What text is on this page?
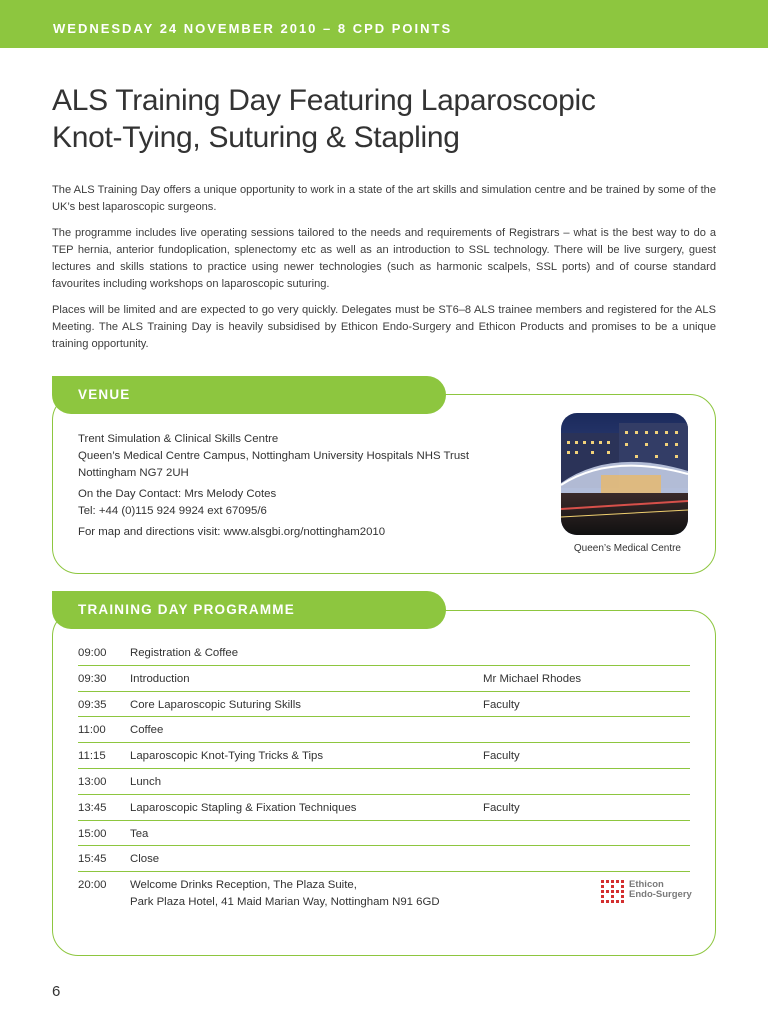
WEDNESDAY 24 NOVEMBER 2010 – 8 CPD POINTS
ALS Training Day Featuring Laparoscopic
Knot-Tying, Suturing & Stapling

The ALS Training Day offers a unique opportunity to work in a state of the art skills and simulation centre and be trained by some of the UK’s best laparoscopic surgeons.

The programme includes live operating sessions tailored to the needs and requirements of Registrars – what is the best way to do a TEP hernia, anterior fundoplication, splenectomy etc as well as an introduction to SSL technology. There will be live surgery, guest lectures and skills stations to practice using newer technologies (such as harmonic scalpels, SSL ports) and of course standard favourites including workshops on laparoscopic suturing.

Places will be limited and are expected to go very quickly. Delegates must be ST6–8 ALS trainee members and registered for the ALS Meeting. The ALS Training Day is heavily subsidised by Ethicon Endo-Surgery and Ethicon Products and promises to be a unique training opportunity.

VENUE
Trent Simulation & Clinical Skills Centre
Queen’s Medical Centre Campus, Nottingham University Hospitals NHS Trust
Nottingham NG7 2UH
On the Day Contact: Mrs Melody Cotes
Tel: +44 (0)115 924 9924 ext 67095/6
For map and directions visit: www.alsgbi.org/nottingham2010
Queen’s Medical Centre
TRAINING DAY PROGRAMME
09:00 Registration & Coffee
09:30 Introduction	Mr Michael Rhodes
09:35 Core Laparoscopic Suturing Skills	Faculty
11:00 Coffee
11:15 Laparoscopic Knot-Tying Tricks & Tips	Faculty
13:00 Lunch
13:45 Laparoscopic Stapling & Fixation Techniques	Faculty
15:00 Tea
15:45 Close
20:00 Welcome Drinks Reception, The Plaza Suite,
Park Plaza Hotel, 41 Maid Marian Way, Nottingham N91 6GD
Ethicon
Endo-Surgery
6
